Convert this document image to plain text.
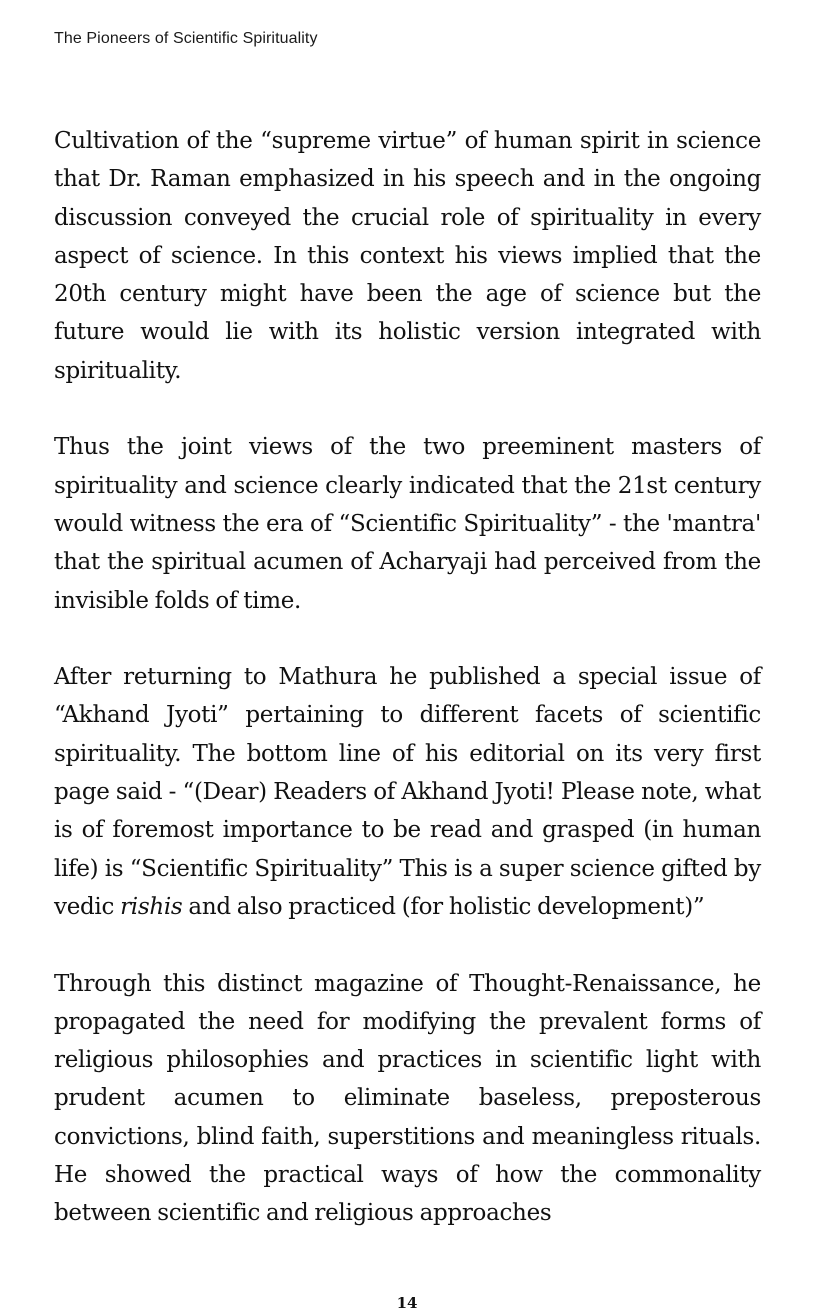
The Pioneers of Scientific Spirituality

Cultivation of the “supreme virtue” of human spirit in science that Dr. Raman emphasized in his speech and in the ongoing discussion conveyed the crucial role of spirituality in every aspect of science. In this context his views implied that the 20th century might have been the age of science but the future would lie with its holistic version integrated with spirituality.

Thus the joint views of the two preeminent masters of spirituality and science clearly indicated that the 21st century would witness the era of “Scientific Spirituality” - the 'mantra' that the spiritual acumen of Acharyaji had perceived from the invisible folds of time.

After returning to Mathura he published a special issue of “Akhand Jyoti” pertaining to different facets of scientific spirituality. The bottom line of his editorial on its very first page said - “(Dear) Readers of Akhand Jyoti! Please note, what is of foremost importance to be read and grasped (in human life) is “Scientific Spirituality” This is a super science gifted by vedic rishis and also practiced (for holistic development)”

Through this distinct magazine of Thought-Renaissance, he propagated the need for modifying the prevalent forms of religious philosophies and practices in scientific light with prudent acumen to eliminate baseless, preposterous convictions, blind faith, superstitions and meaningless rituals. He showed the practical ways of how the commonality between scientific and religious approaches

14
